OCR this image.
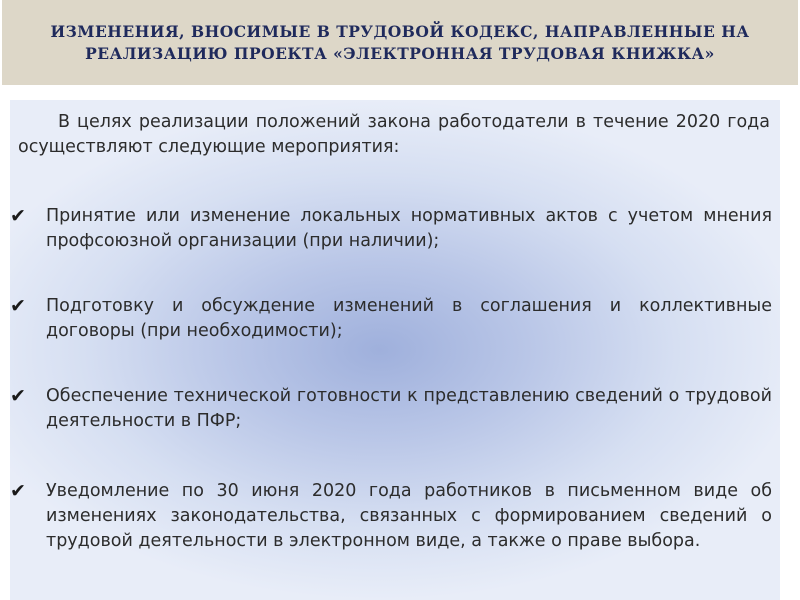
ИЗМЕНЕНИЯ, ВНОСИМЫЕ В ТРУДОВОЙ КОДЕКС, НАПРАВЛЕННЫЕ НА
РЕАЛИЗАЦИЮ ПРОЕКТА «ЭЛЕКТРОННАЯ ТРУДОВАЯ КНИЖКА»
В целях реализации положений закона работодатели в течение 2020 года осуществляют следующие мероприятия:
✔ Принятие или изменение локальных нормативных актов с учетом мнения профсоюзной организации (при наличии);
✔ Подготовку и обсуждение изменений в соглашения и коллективные договоры (при необходимости);
✔ Обеспечение технической готовности к представлению сведений о трудовой деятельности в ПФР;
✔ Уведомление по 30 июня 2020 года работников в письменном виде об изменениях законодательства, связанных с формированием сведений о трудовой деятельности в электронном виде, а также о праве выбора.
